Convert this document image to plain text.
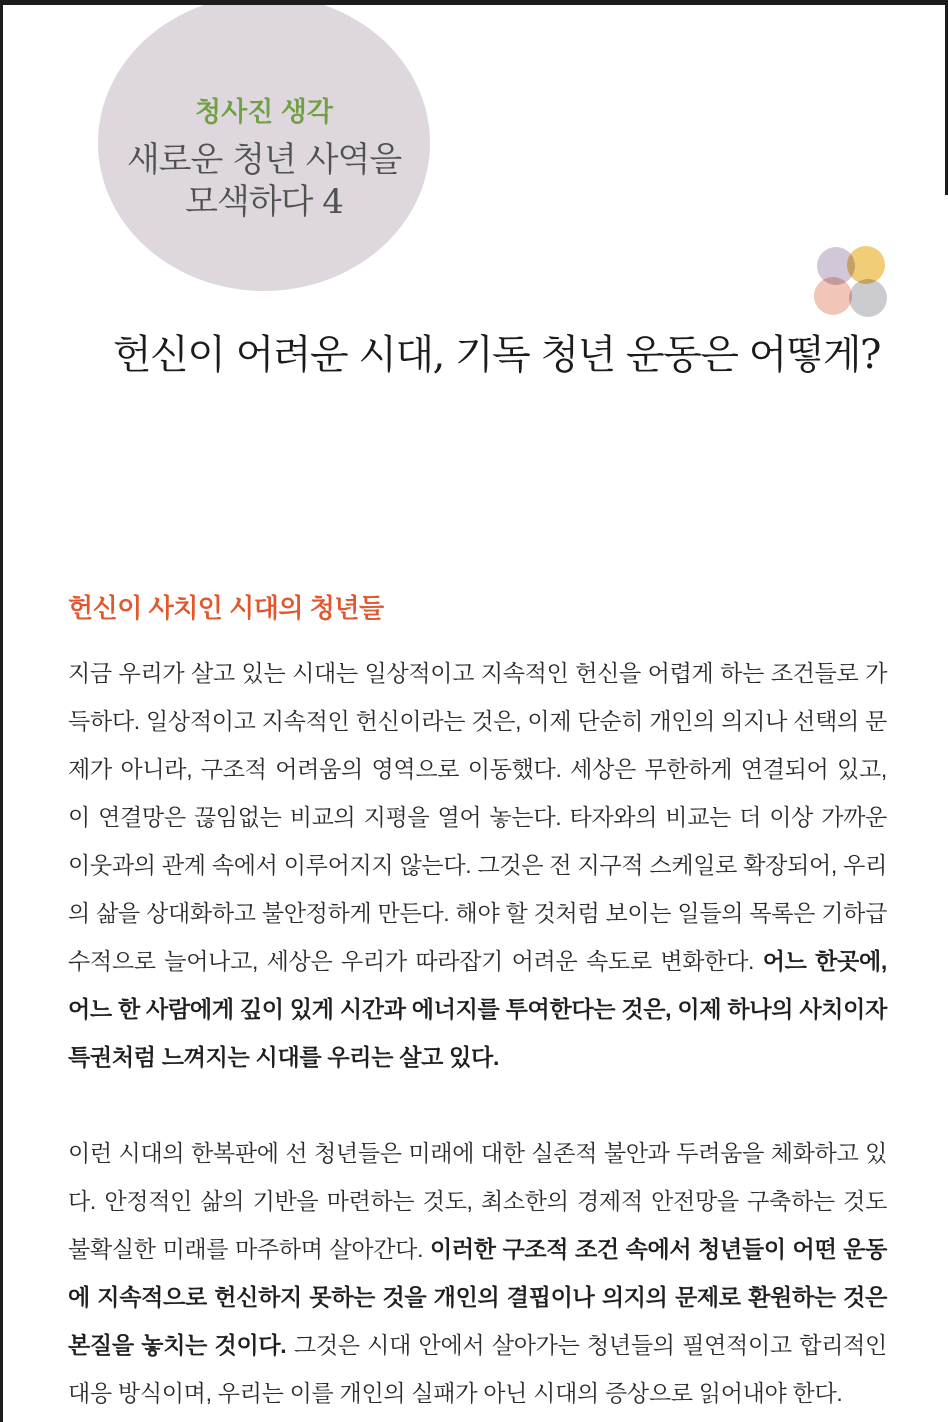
청사진 생각
새로운 청년 사역을
모색하다 4
헌신이 어려운 시대, 기독 청년 운동은 어떻게?
헌신이 사치인 시대의 청년들

지금 우리가 살고 있는 시대는 일상적이고 지속적인 헌신을 어렵게 하는 조건들로 가득하다. 일상적이고 지속적인 헌신이라는 것은, 이제 단순히 개인의 의지나 선택의 문제가 아니라, 구조적 어려움의 영역으로 이동했다. 세상은 무한하게 연결되어 있고, 이 연결망은 끊임없는 비교의 지평을 열어 놓는다. 타자와의 비교는 더 이상 가까운 이웃과의 관계 속에서 이루어지지 않는다. 그것은 전 지구적 스케일로 확장되어, 우리의 삶을 상대화하고 불안정하게 만든다. 해야 할 것처럼 보이는 일들의 목록은 기하급수적으로 늘어나고, 세상은 우리가 따라잡기 어려운 속도로 변화한다. 어느 한곳에, 어느 한 사람에게 깊이 있게 시간과 에너지를 투여한다는 것은, 이제 하나의 사치이자 특권처럼 느껴지는 시대를 우리는 살고 있다.

이런 시대의 한복판에 선 청년들은 미래에 대한 실존적 불안과 두려움을 체화하고 있다. 안정적인 삶의 기반을 마련하는 것도, 최소한의 경제적 안전망을 구축하는 것도 불확실한 미래를 마주하며 살아간다. 이러한 구조적 조건 속에서 청년들이 어떤 운동에 지속적으로 헌신하지 못하는 것을 개인의 결핍이나 의지의 문제로 환원하는 것은 본질을 놓치는 것이다. 그것은 시대 안에서 살아가는 청년들의 필연적이고 합리적인 대응 방식이며, 우리는 이를 개인의 실패가 아닌 시대의 증상으로 읽어내야 한다.
